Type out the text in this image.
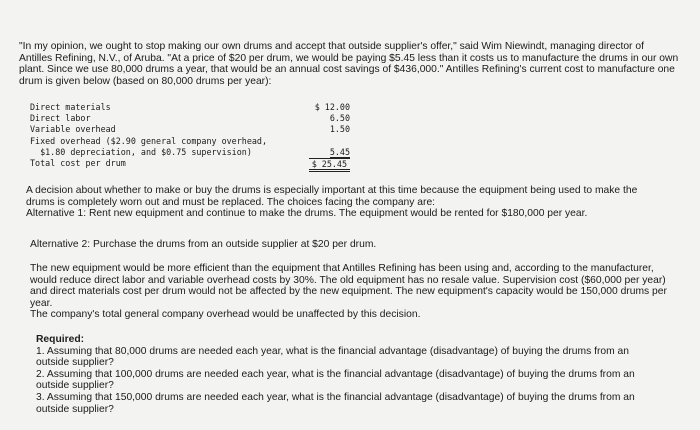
"In my opinion, we ought to stop making our own drums and accept that outside supplier's offer," said Wim Niewindt, managing director of Antilles Refining, N.V., of Aruba. "At a price of $20 per drum, we would be paying $5.45 less than it costs us to manufacture the drums in our own plant. Since we use 80,000 drums a year, that would be an annual cost savings of $436,000." Antilles Refining's current cost to manufacture one drum is given below (based on 80,000 drums per year):
Direct materials	$ 12.00
Direct labor	6.50
Variable overhead	1.50
Fixed overhead ($2.90 general company overhead,
$1.80 depreciation, and $0.75 supervision)	5.45
Total cost per drum	$ 25.45
A decision about whether to make or buy the drums is especially important at this time because the equipment being used to make the drums is completely worn out and must be replaced. The choices facing the company are:
Alternative 1: Rent new equipment and continue to make the drums. The equipment would be rented for $180,000 per year.
Alternative 2: Purchase the drums from an outside supplier at $20 per drum.
The new equipment would be more efficient than the equipment that Antilles Refining has been using and, according to the manufacturer, would reduce direct labor and variable overhead costs by 30%. The old equipment has no resale value. Supervision cost ($60,000 per year) and direct materials cost per drum would not be affected by the new equipment. The new equipment's capacity would be 150,000 drums per year.
The company's total general company overhead would be unaffected by this decision.
Required:
1. Assuming that 80,000 drums are needed each year, what is the financial advantage (disadvantage) of buying the drums from an outside supplier?
2. Assuming that 100,000 drums are needed each year, what is the financial advantage (disadvantage) of buying the drums from an outside supplier?
3. Assuming that 150,000 drums are needed each year, what is the financial advantage (disadvantage) of buying the drums from an outside supplier?
